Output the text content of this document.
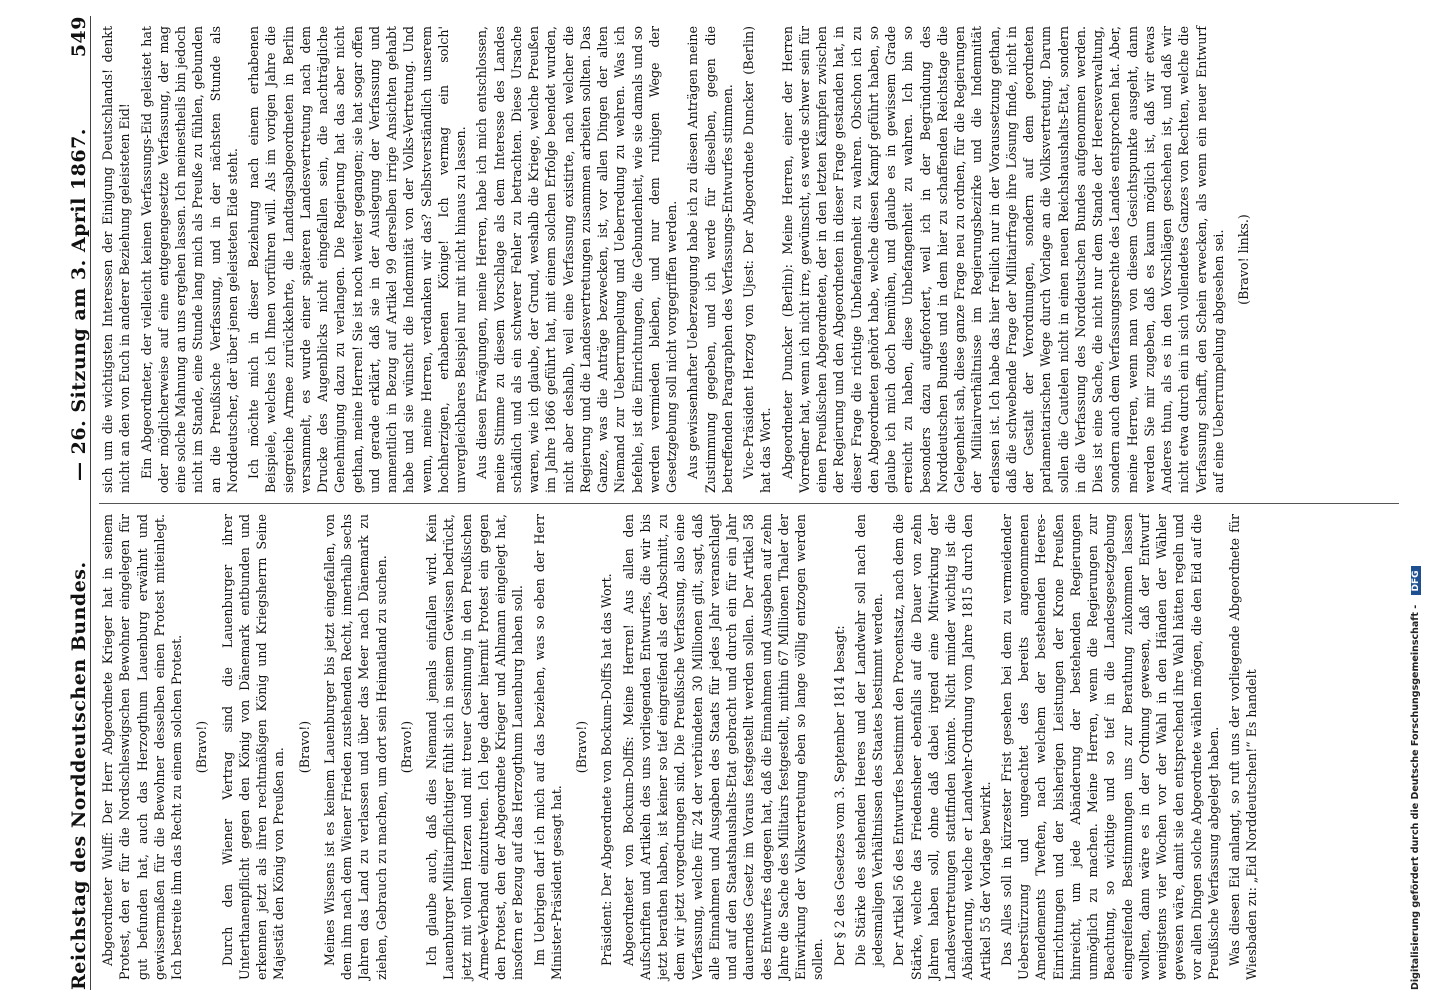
Reichstag des Norddeutschen Bundes.
— 26. Sitzung am 3. April 1867.
549

Abgeordneter Wulff: Der Herr Abgeordnete Krieger hat in seinem Protest, den er für die Nordschleswigschen Bewohner eingelegen für gut befunden hat, auch das Herzogthum Lauenburg erwähnt und gewissermaßen für die Bewohner desselben einen Protest miteinlegt. Ich bestreite ihm das Recht zu einem solchen Protest. (Bravo!) Durch den Wiener Vertrag sind die Lauenburger ihrer Unterthanenpflicht gegen den König von Dänemark entbunden und erkennen jetzt als ihren rechtmäßigen König und Kriegsherrn Seine Majestät den König von Preußen an.

(Bravo!) Meines Wissens ist es keinem Lauenburger bis jetzt eingefallen, von dem ihm nach dem Wiener Frieden zustehenden Recht, innerhalb sechs Jahren das Land zu verlassen und über das Meer nach Dänemark zu ziehen, Gebrauch zu machen, um dort sein Heimatland zu suchen. (Bravo!) Ich glaube auch, daß dies Niemand jemals einfallen wird. Kein Lauenburger Militairpflichtiger fühlt sich in seinem Gewissen bedrückt, jetzt mit vollem Herzen und mit treuer Gesinnung in den Preußischen Armee-Verband einzutreten. Ich lege daher hiermit Protest ein gegen den Protest, den der Abgeordnete Krieger und Ahlmann eingelegt hat, insofern er Bezug auf das Herzogthum Lauenburg haben soll. Im Uebrigen darf ich mich auf das beziehen, was so eben der Herr Minister-Präsident gesagt hat.

(Bravo!) Präsident: Der Abgeordnete von Bockum-Dolffs hat das Wort. Abgeordneter von Bockum-Dolffs: Meine Herren! Aus allen den Aufschriften und Artikeln des uns vorliegenden Entwurfes, die wir bis jetzt berathen haben, ist keiner so tief eingreifend als der Abschnitt, zu dem wir jetzt vorgedrungen sind. Die Preußische Verfassung, also eine Verfassung, welche für 24 der verbündeten 30 Millionen gilt, sagt, daß alle Einnahmen und Ausgaben des Staats für jedes Jahr veranschlagt und auf den Staatshaushalts-Etat gebracht und durch ein für ein Jahr dauerndes Gesetz im Voraus festgestellt werden sollen. Der Artikel 58 des Entwurfes dagegen hat, daß die Einnahmen und Ausgaben auf zehn Jahre die Sache des Militairs festgestellt, mithin 67 Millionen Thaler der Einwirkung der Volksvertretung eben so lange völlig entzogen werden sollen. Der § 2 des Gesetzes vom 3. September 1814 besagt: Die Stärke des stehenden Heeres und der Landwehr soll nach den jedesmaligen Verhältnissen des Staates bestimmt werden. Der Artikel 56 des Entwurfes bestimmt den Procentsatz, nach dem die Stärke, welche das Friedensheer ebenfalls auf die Dauer von zehn Jahren haben soll, ohne daß dabei irgend eine Mitwirkung der Landesvertretungen stattfinden könnte. Nicht minder wichtig ist die Abänderung, welche er Landwehr-Ordnung vom Jahre 1815 durch den Artikel 55 der Vorlage bewirkt. Das Alles soll in kürzester Frist gesehen bei dem zu vermeidender Ueberstürzung und ungeachtet des bereits angenommenen Amendements Tweften, nach welchem der bestehenden Heeres-Einrichtungen und der bisherigen Leistungen der Krone Preußen hinreicht, um jede Abänderung der bestehenden Regierungen unmöglich zu machen. Meine Herren, wenn die Regierungen zur Beachtung, so wichtige und so tief in die Landesgesetzgebung eingreifende Bestimmungen uns zur Berathung zukommen lassen wollten, dann wäre es in der Ordnung gewesen, daß der Entwurf wenigstens vier Wochen vor der Wahl in den Händen der Wähler gewesen wäre, damit sie den entsprechend ihre Wahl hätten regeln und vor allen Dingen solche Abgeordnete wählen mögen, die den Eid auf die Preußische Verfassung abgelegt haben. Was diesen Eid anlangt, so ruft uns der vorliegende Abgeordnete für Wiesbaden zu: „Eid Norddeutschen!“ Es handelt

sich um die wichtigsten Interessen der Einigung Deutschlands! denkt nicht an den von Euch in anderer Beziehung geleisteten Eid! Ein Abgeordneter, der vielleicht keinen Verfassungs-Eid geleistet hat oder möglicherweise auf eine entgegengesetzte Verfassung, der mag eine solche Mahnung an uns ergehen lassen. Ich meinestheils bin jedoch nicht im Stande, eine Stunde lang mich als Preuße zu fühlen, gebunden an die Preußische Verfassung, und in der nächsten Stunde als Norddeutscher, der über jenen geleisteten Eide steht. Ich möchte mich in dieser Beziehung nach einem erhabenen Beispiele, welches ich Ihnen vorführen will. Als im vorigen Jahre die siegreiche Armee zurückkehrte, die Landtagsabgeordneten in Berlin versammelt, es wurde einer späteren Landesvertretung nach dem Drucke des Augenblicks nicht eingefallen sein, die nachträgliche Genehmigung dazu zu verlangen. Die Regierung hat das aber nicht gethan, meine Herren! Sie ist noch weiter gegangen; sie hat sogar offen und gerade erklärt, daß sie in der Auslegung der Verfassung und namentlich in Bezug auf Artikel 99 derselben irrige Ansichten gehabt habe und sie wünscht die Indemnität von der Volks-Vertretung. Und wenn, meine Herren, verdanken wir das? Selbstverständlich unserem hochherzigen, erhabenen Könige! Ich vermag ein solch' unvergleichbares Beispiel nur mit nicht hinaus zu lassen. Aus diesen Erwägungen, meine Herren, habe ich mich entschlossen, meine Stimme zu diesem Vorschlage als dem Interesse des Landes schädlich und als ein schwerer Fehler zu betrachten. Diese Ursache waren, wie ich glaube, der Grund, weshalb die Kriege, welche Preußen im Jahre 1866 geführt hat, mit einem solchen Erfolge beendet wurden, nicht aber deshalb, weil eine Verfassung existirte, nach welcher die Regierung und die Landesvertretungen zusammen arbeiten sollten. Das Ganze, was die Anträge bezwecken, ist, vor allen Dingen der alten Niemand zur Ueberrumpelung und Ueberredung zu wehren. Was ich befehle, ist die Einrichtungen, die Gebundenheit, wie sie damals und so werden vermieden bleiben, und nur dem ruhigen Wege der Gesetzgebung soll nicht vorgegriffen werden. Aus gewissenhafter Ueberzeugung habe ich zu diesen Anträgen meine Zustimmung gegeben, und ich werde für dieselben, gegen die betreffenden Paragraphen des Verfassungs-Entwurfes stimmen. Vice-Präsident Herzog von Ujest: Der Abgeordnete Duncker (Berlin) hat das Wort. Abgeordneter Duncker (Berlin): Meine Herren, einer der Herren Vorredner hat, wenn ich nicht irre, gewünscht, es werde schwer sein für einen Preußischen Abgeordneten, der in den letzten Kämpfen zwischen der Regierung und den Abgeordneten in dieser Frage gestanden hat, in dieser Frage die richtige Unbefangenheit zu wahren. Obschon ich zu den Abgeordneten gehört habe, welche diesen Kampf geführt haben, so glaube ich mich doch bemühen, und glaube es in gewissem Grade erreicht zu haben, diese Unbefangenheit zu wahren. Ich bin so besonders dazu aufgefordert, weil ich in der Begründung des Norddeutschen Bundes und in dem hier zu schaffenden Reichstage die Gelegenheit sah, diese ganze Frage neu zu ordnen, für die Regierungen der Militairverhältnisse im Regierungsbezirke und die Indemnität erlassen ist. Ich habe das hier freilich nur in der Voraussetzung gethan, daß die schwebende Frage der Militairfrage ihre Lösung finde, nicht in der Gestalt der Verordnungen, sondern auf dem geordneten parlamentarischen Wege durch Vorlage an die Volksvertretung. Darum sollen die Cautelen nicht in einen neuen Reichshaushalts-Etat, sondern in die Verfassung des Norddeutschen Bundes aufgenommen werden. Dies ist eine Sache, die nicht nur dem Stande der Heeresverwaltung, sondern auch dem Verfassungsrechte des Landes entsprochen hat. Aber, meine Herren, wenn man von diesem Gesichtspunkte ausgeht, dann werden Sie mir zugeben, daß es kaum möglich ist, daß wir etwas Anderes thun, als es in den Vorschlägen geschehen ist, und daß wir nicht etwa durch ein in sich vollendetes Ganzes von Rechten, welche die Verfassung schafft, den Schein erwecken, als wenn ein neuer Entwurf auf eine Ueberrumpelung abgesehen sei. (Bravo! links.)

Digitalisierung gefördert durch die Deutsche Forschungsgemeinschaft - DFG
